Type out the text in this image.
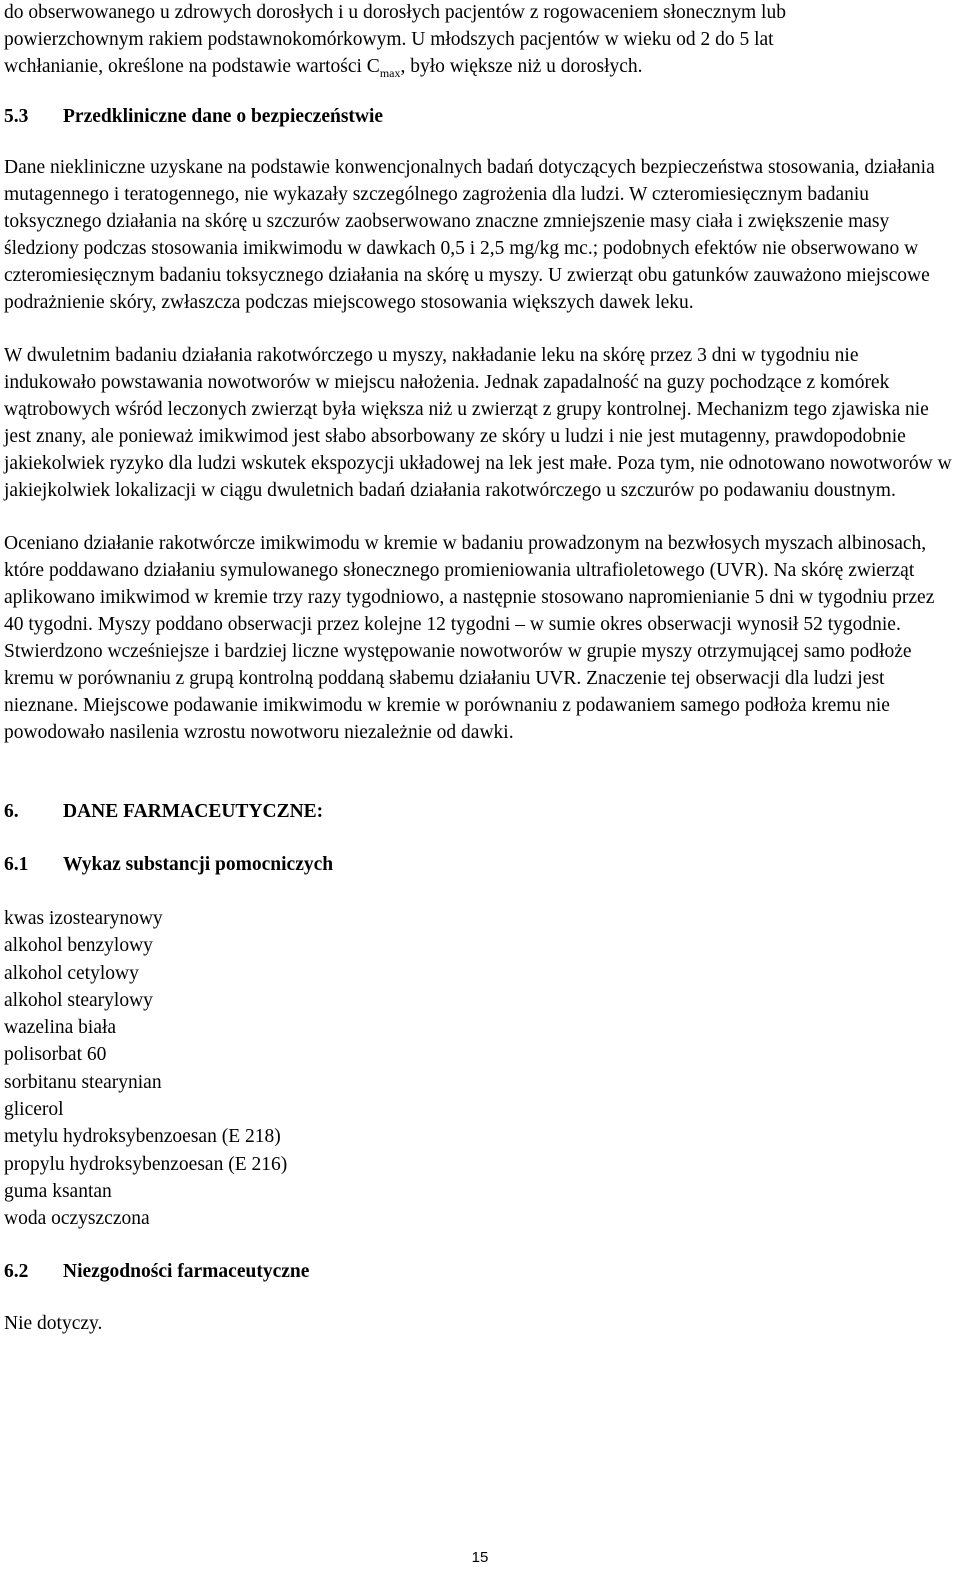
do obserwowanego u zdrowych dorosłych i u dorosłych pacjentów z rogowaceniem słonecznym lub
powierzchownym rakiem podstawnokomórkowym. U młodszych pacjentów w wieku od 2 do 5 lat
wchłanianie, określone na podstawie wartości $C_{max}$, było większe niż u dorosłych.
5.3	Przedkliniczne dane o bezpieczeństwie

Dane niekliniczne uzyskane na podstawie konwencjonalnych badań dotyczących bezpieczeństwa stosowania, działania mutagennego i teratogennego, nie wykazały szczególnego zagrożenia dla ludzi. W czteromiesięcznym badaniu toksycznego działania na skórę u szczurów zaobserwowano znaczne zmniejszenie masy ciała i zwiększenie masy śledziony podczas stosowania imikwimodu w dawkach 0,5 i 2,5 mg/kg mc.; podobnych efektów nie obserwowano w czteromiesięcznym badaniu toksycznego działania na skórę u myszy. U zwierząt obu gatunków zauważono miejscowe podrażnienie skóry, zwłaszcza podczas miejscowego stosowania większych dawek leku.

W dwuletnim badaniu działania rakotwórczego u myszy, nakładanie leku na skórę przez 3 dni w tygodniu nie indukowało powstawania nowotworów w miejscu nałożenia. Jednak zapadalność na guzy pochodzące z komórek wątrobowych wśród leczonych zwierząt była większa niż u zwierząt z grupy kontrolnej. Mechanizm tego zjawiska nie jest znany, ale ponieważ imikwimod jest słabo absorbowany ze skóry u ludzi i nie jest mutagenny, prawdopodobnie jakiekolwiek ryzyko dla ludzi wskutek ekspozycji układowej na lek jest małe. Poza tym, nie odnotowano nowotworów w jakiejkolwiek lokalizacji w ciągu dwuletnich badań działania rakotwórczego u szczurów po podawaniu doustnym.

Oceniano działanie rakotwórcze imikwimodu w kremie w badaniu prowadzonym na bezwłosych myszach albinosach, które poddawano działaniu symulowanego słonecznego promieniowania ultrafioletowego (UVR). Na skórę zwierząt aplikowano imikwimod w kremie trzy razy tygodniowo, a następnie stosowano napromienianie 5 dni w tygodniu przez 40 tygodni. Myszy poddano obserwacji przez kolejne 12 tygodni – w sumie okres obserwacji wynosił 52 tygodnie. Stwierdzono wcześniejsze i bardziej liczne występowanie nowotworów w grupie myszy otrzymującej samo podłoże kremu w porównaniu z grupą kontrolną poddaną słabemu działaniu UVR. Znaczenie tej obserwacji dla ludzi jest nieznane. Miejscowe podawanie imikwimodu w kremie w porównaniu z podawaniem samego podłoża kremu nie powodowało nasilenia wzrostu nowotworu niezależnie od dawki.

6.	DANE FARMACEUTYCZNE:
6.1	Wykaz substancji pomocniczych
kwas izostearynowy
alkohol benzylowy
alkohol cetylowy
alkohol stearylowy
wazelina biała
polisorbat 60
sorbitanu stearynian
glicerol
metylu hydroksybenzoesan (E 218)
propylu hydroksybenzoesan (E 216)
guma ksantan
woda oczyszczona
6.2	Niezgodności farmaceutyczne

Nie dotyczy.

15
